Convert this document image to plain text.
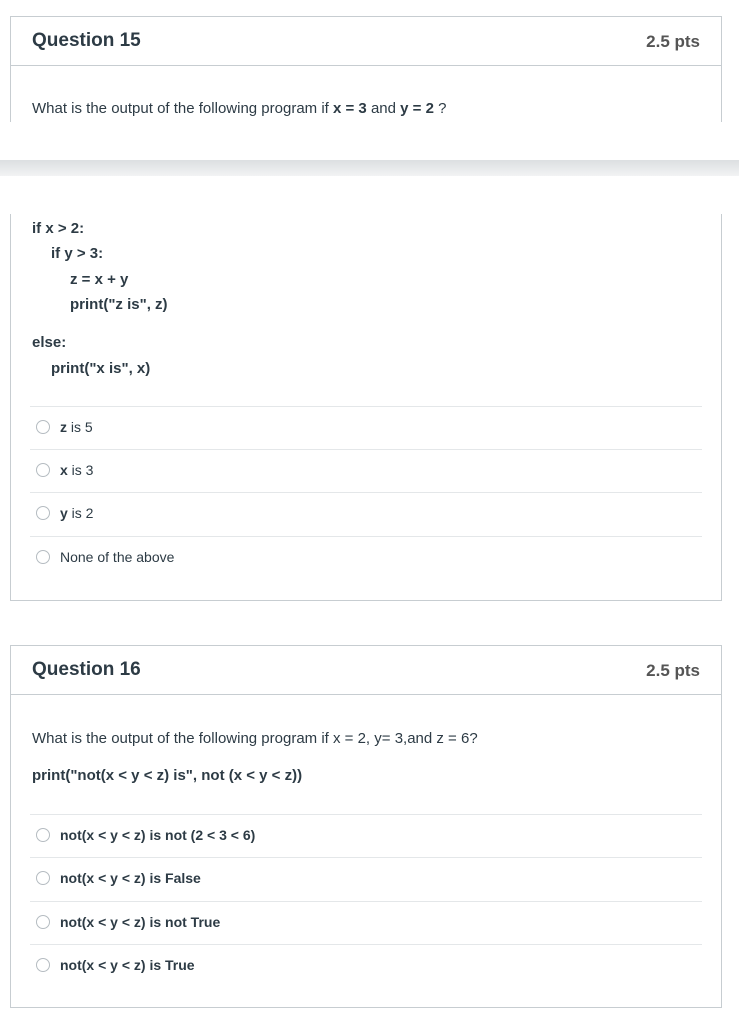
Question 15	2.5 pts
What is the output of the following program if x = 3 and y = 2 ?
if x > 2:
if y > 3:
z = x + y
print("z is", z)
else:
print("x is", x)
z is 5
x is 3
y is 2
None of the above
Question 16	2.5 pts
What is the output of the following program if x = 2, y= 3,and z = 6?
print("not(x < y < z) is", not (x < y < z))
not(x < y < z) is not (2 < 3 < 6)
not(x < y < z) is False
not(x < y < z) is not True
not(x < y < z) is True
